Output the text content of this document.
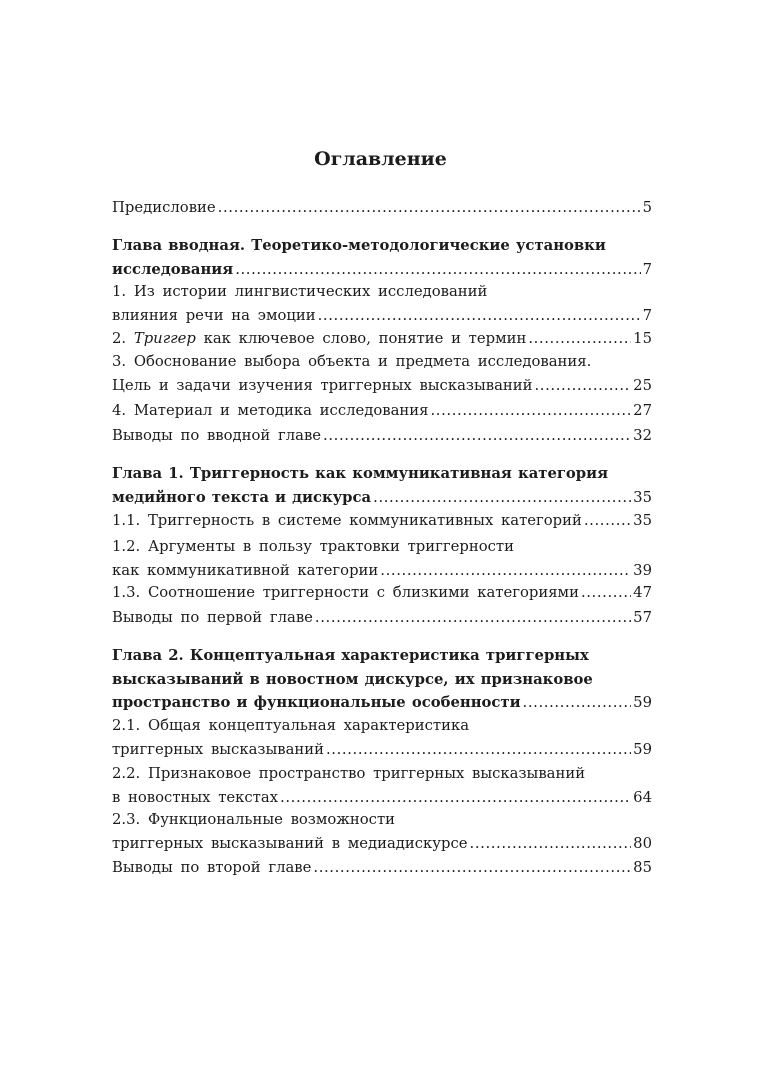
Оглавление
Предисловие .....	5
Глава вводная. Теоретико-методологические установки
исследования .....	7
1. Из истории лингвистических исследований
влияния речи на эмоции .....	7
2. Триггер как ключевое слово, понятие и термин .....	15
3. Обоснование выбора объекта и предмета исследования.
Цель и задачи изучения триггерных высказываний .....	25
4. Материал и методика исследования .....	27
Выводы по вводной главе .....	32
Глава 1. Триггерность как коммуникативная категория
медийного текста и дискурса .....	35
1.1. Триггерность в системе коммуникативных категорий .....	35
1.2. Аргументы в пользу трактовки триггерности
как коммуникативной категории .....	39
1.3. Соотношение триггерности с близкими категориями .....	47
Выводы по первой главе .....	57
Глава 2. Концептуальная характеристика триггерных
высказываний в новостном дискурсе, их признаковое
пространство и функциональные особенности .....	59
2.1. Общая концептуальная характеристика
триггерных высказываний .....	59
2.2. Признаковое пространство триггерных высказываний
в новостных текстах .....	64
2.3. Функциональные возможности
триггерных высказываний в медиадискурсе .....	80
Выводы по второй главе .....	85
